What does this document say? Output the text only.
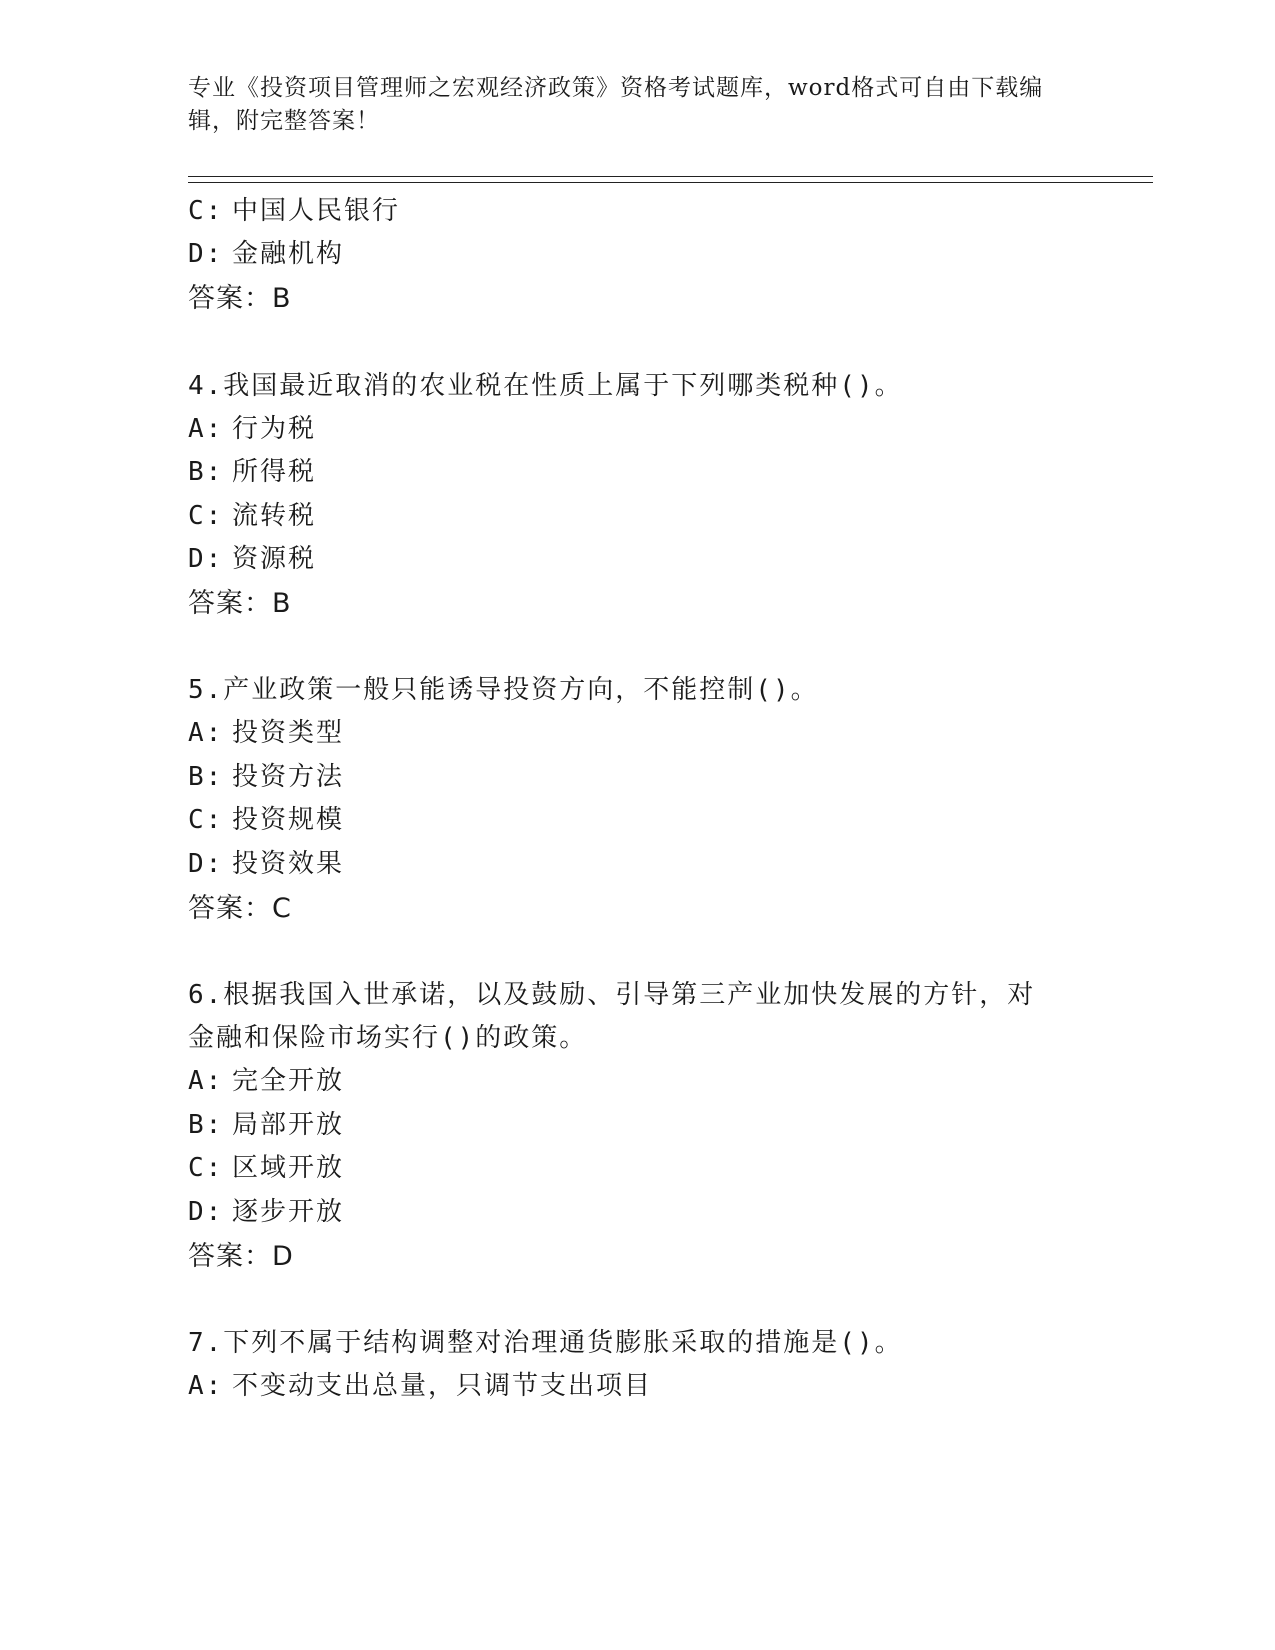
专业《投资项目管理师之宏观经济政策》资格考试题库，word格式可自由下载编
辑，附完整答案！
C: 中国人民银行
D: 金融机构
答案：B
4.我国最近取消的农业税在性质上属于下列哪类税种()。
A: 行为税
B: 所得税
C: 流转税
D: 资源税
答案：B
5.产业政策一般只能诱导投资方向，不能控制()。
A: 投资类型
B: 投资方法
C: 投资规模
D: 投资效果
答案：C
6.根据我国入世承诺，以及鼓励、引导第三产业加快发展的方针，对
金融和保险市场实行()的政策。
A: 完全开放
B: 局部开放
C: 区域开放
D: 逐步开放
答案：D
7.下列不属于结构调整对治理通货膨胀采取的措施是()。
A: 不变动支出总量，只调节支出项目
